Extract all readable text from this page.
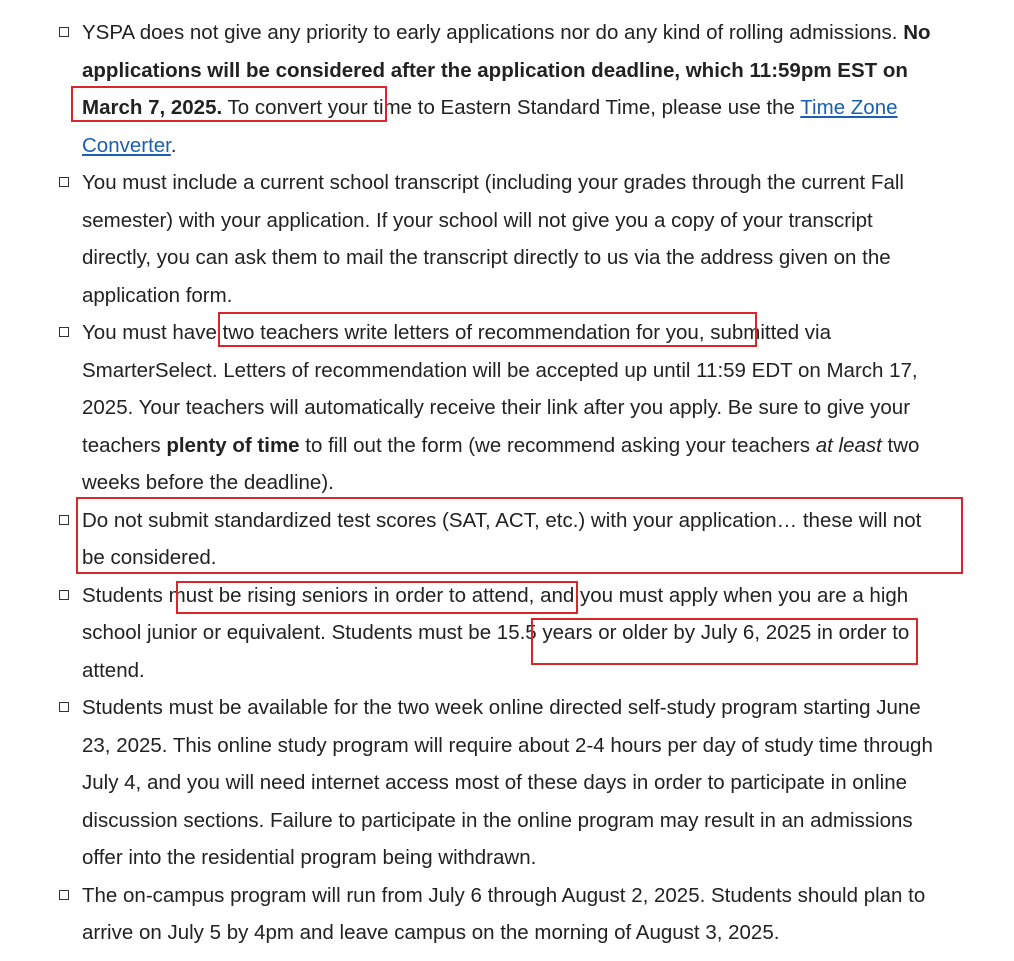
YSPA does not give any priority to early applications nor do any kind of rolling admissions. No applications will be considered after the application deadline, which 11:59pm EST on March 7, 2025. To convert your time to Eastern Standard Time, please use the Time Zone Converter.
You must include a current school transcript (including your grades through the current Fall semester) with your application. If your school will not give you a copy of your transcript directly, you can ask them to mail the transcript directly to us via the address given on the application form.
You must have two teachers write letters of recommendation for you, submitted via SmarterSelect. Letters of recommendation will be accepted up until 11:59 EDT on March 17, 2025. Your teachers will automatically receive their link after you apply. Be sure to give your teachers plenty of time to fill out the form (we recommend asking your teachers at least two weeks before the deadline).
Do not submit standardized test scores (SAT, ACT, etc.) with your application… these will not be considered.
Students must be rising seniors in order to attend, and you must apply when you are a high school junior or equivalent. Students must be 15.5 years or older by July 6, 2025 in order to attend.
Students must be available for the two week online directed self-study program starting June 23, 2025. This online study program will require about 2-4 hours per day of study time through July 4, and you will need internet access most of these days in order to participate in online discussion sections. Failure to participate in the online program may result in an admissions offer into the residential program being withdrawn.
The on-campus program will run from July 6 through August 2, 2025. Students should plan to arrive on July 5 by 4pm and leave campus on the morning of August 3, 2025.
